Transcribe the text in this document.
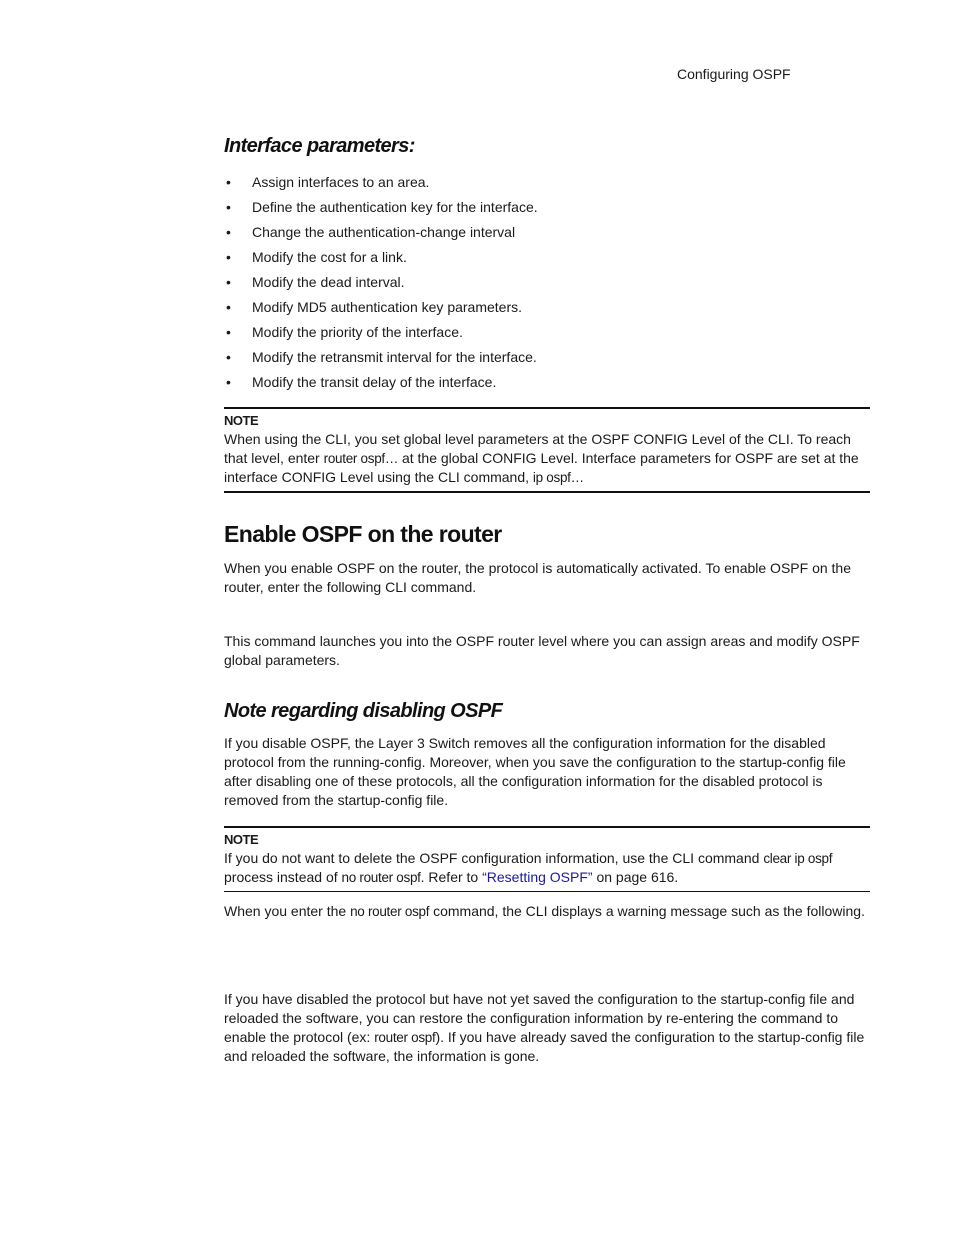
Configuring OSPF
Interface parameters:
• Assign interfaces to an area.
• Define the authentication key for the interface.
• Change the authentication-change interval
• Modify the cost for a link.
• Modify the dead interval.
• Modify MD5 authentication key parameters.
• Modify the priority of the interface.
• Modify the retransmit interval for the interface.
• Modify the transit delay of the interface.
NOTE

When using the CLI, you set global level parameters at the OSPF CONFIG Level of the CLI. To reach that level, enter router ospf… at the global CONFIG Level. Interface parameters for OSPF are set at the interface CONFIG Level using the CLI command, ip ospf…

Enable OSPF on the router

When you enable OSPF on the router, the protocol is automatically activated. To enable OSPF on the router, enter the following CLI command.

This command launches you into the OSPF router level where you can assign areas and modify OSPF global parameters.

Note regarding disabling OSPF

If you disable OSPF, the Layer 3 Switch removes all the configuration information for the disabled protocol from the running-config. Moreover, when you save the configuration to the startup-config file after disabling one of these protocols, all the configuration information for the disabled protocol is removed from the startup-config file.

NOTE

If you do not want to delete the OSPF configuration information, use the CLI command clear ip ospf process instead of no router ospf. Refer to “Resetting OSPF” on page 616.

When you enter the no router ospf command, the CLI displays a warning message such as the following.

If you have disabled the protocol but have not yet saved the configuration to the startup-config file and reloaded the software, you can restore the configuration information by re-entering the command to enable the protocol (ex: router ospf). If you have already saved the configuration to the startup-config file and reloaded the software, the information is gone.
